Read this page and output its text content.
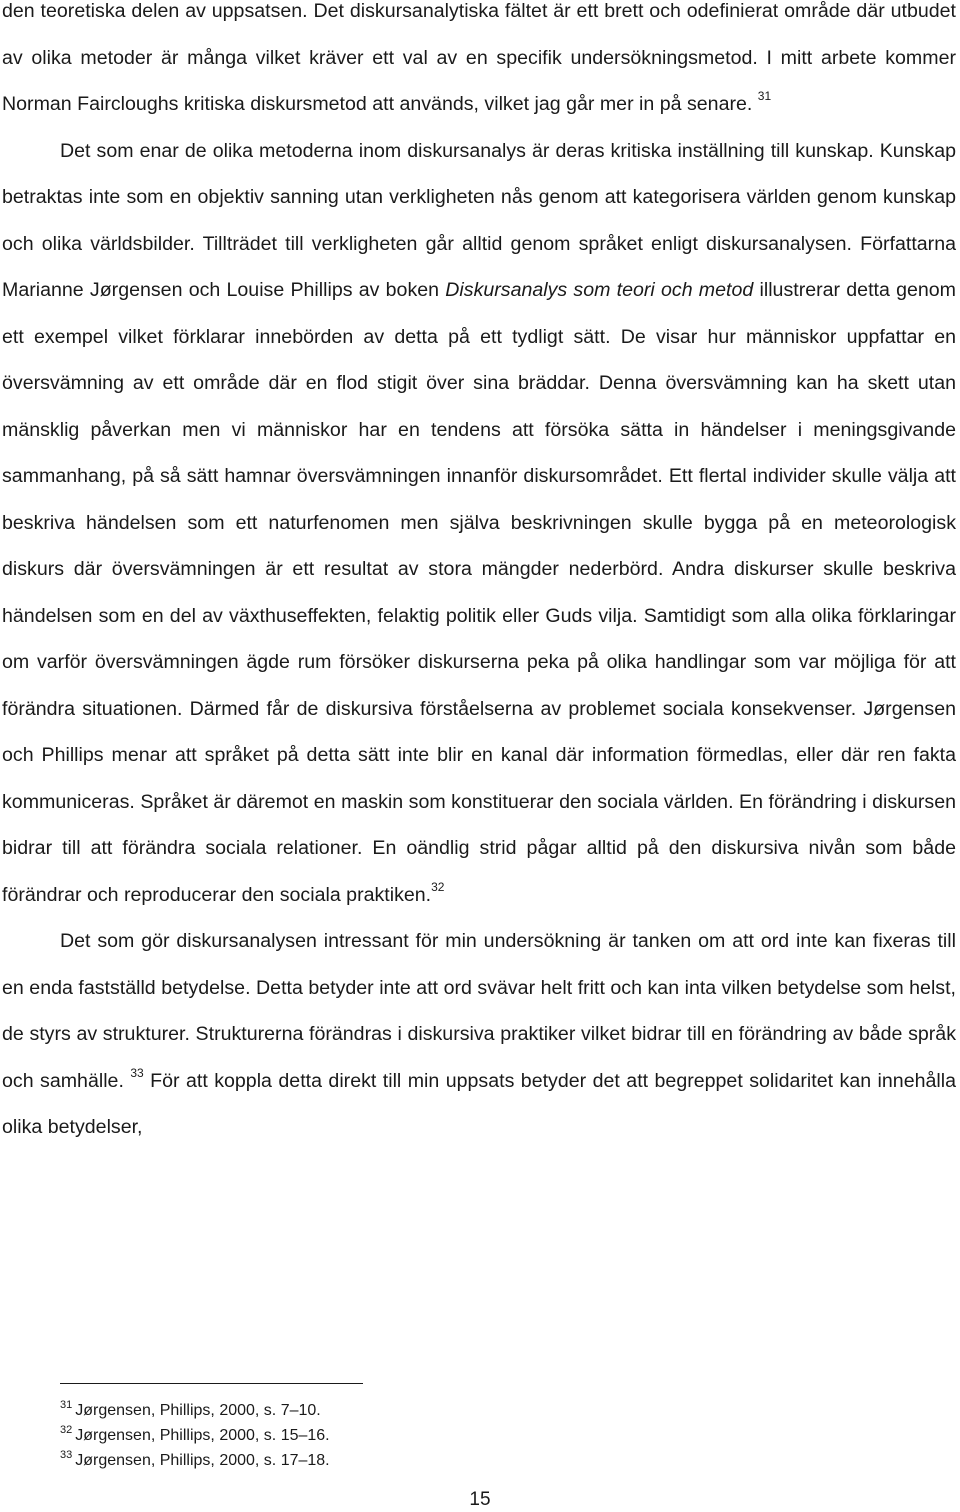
den teoretiska delen av uppsatsen. Det diskursanalytiska fältet är ett brett och odefinierat område där utbudet av olika metoder är många vilket kräver ett val av en specifik undersökningsmetod. I mitt arbete kommer Norman Faircloughs kritiska diskursmetod att används, vilket jag går mer in på senare. $^{31}$

Det som enar de olika metoderna inom diskursanalys är deras kritiska inställning till kunskap. Kunskap betraktas inte som en objektiv sanning utan verkligheten nås genom att kategorisera världen genom kunskap och olika världsbilder. Tillträdet till verkligheten går alltid genom språket enligt diskursanalysen. Författarna Marianne Jørgensen och Louise Phillips av boken Diskursanalys som teori och metod illustrerar detta genom ett exempel vilket förklarar innebörden av detta på ett tydligt sätt. De visar hur människor uppfattar en översvämning av ett område där en flod stigit över sina bräddar. Denna översvämning kan ha skett utan mänsklig påverkan men vi människor har en tendens att försöka sätta in händelser i meningsgivande sammanhang, på så sätt hamnar översvämningen innanför diskursområdet. Ett flertal individer skulle välja att beskriva händelsen som ett naturfenomen men själva beskrivningen skulle bygga på en meteorologisk diskurs där översvämningen är ett resultat av stora mängder nederbörd. Andra diskurser skulle beskriva händelsen som en del av växthuseffekten, felaktig politik eller Guds vilja. Samtidigt som alla olika förklaringar om varför översvämningen ägde rum försöker diskurserna peka på olika handlingar som var möjliga för att förändra situationen. Därmed får de diskursiva förståelserna av problemet sociala konsekvenser. Jørgensen och Phillips menar att språket på detta sätt inte blir en kanal där information förmedlas, eller där ren fakta kommuniceras. Språket är däremot en maskin som konstituerar den sociala världen. En förändring i diskursen bidrar till att förändra sociala relationer. En oändlig strid pågar alltid på den diskursiva nivån som både förändrar och reproducerar den sociala praktiken.$^{32}$

Det som gör diskursanalysen intressant för min undersökning är tanken om att ord inte kan fixeras till en enda fastställd betydelse. Detta betyder inte att ord svävar helt fritt och kan inta vilken betydelse som helst, de styrs av strukturer. Strukturerna förändras i diskursiva praktiker vilket bidrar till en förändring av både språk och samhälle. $^{33}$ För att koppla detta direkt till min uppsats betyder det att begreppet solidaritet kan innehålla olika betydelser,

$^{31}$ Jørgensen, Phillips, 2000, s. 7–10.
$^{32}$ Jørgensen, Phillips, 2000, s. 15–16.
$^{33}$ Jørgensen, Phillips, 2000, s. 17–18.
15
